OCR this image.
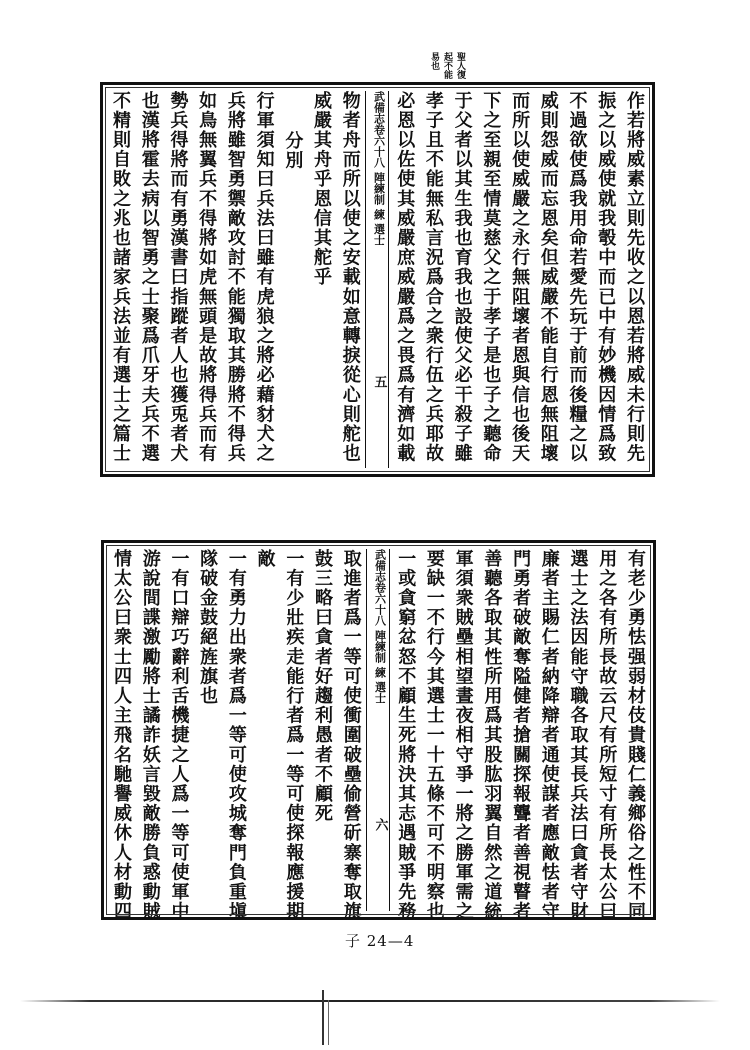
聖人復
起不能
易也
作若將威素立則先收之以恩若將威未行則先
振之以威使就我彀中而已中有妙機因情爲致
不過欲使爲我用命若愛先玩于前而後糧之以
威則怨威而忘恩矣但威嚴不能自行恩無阻壞
而所以使威嚴之永行無阻壞者恩與信也後天
下之至親至情莫慈父之于孝子是也子之聽命
于父者以其生我也育我也設使父必干殺子雖
孝子且不能無私言況爲合之衆行伍之兵耶故
必恩以佐使其威嚴庶威嚴爲之畏爲有濟如載
武備志卷六十八 陣練制 練 選士
五
物者舟而所以使之安載如意轉捩從心則舵也
威嚴其舟乎恩信其舵乎
分別
行軍須知曰兵法曰雖有虎狼之將必藉豺犬之
兵將雖智勇禦敵攻討不能獨取其勝將不得兵
如鳥無翼兵不得將如虎無頭是故將得兵而有
勢兵得將而有勇漢書曰指蹤者人也獲兎者犬
也漢將霍去病以智勇之士聚爲爪牙夫兵不選
不精則自敗之兆也諸家兵法並有選士之篇士
有老少勇怯强弱材伎貴賤仁義鄉俗之性不同
用之各有所長故云尺有所短寸有所長太公曰
選士之法因能守職各取其長兵法曰貪者守財
廉者主賜仁者納降辯者通使謀者應敵怯者守
門勇者破敵奪隘健者搶關探報聾者善視瞽者
善聽各取其性所用爲其股肱羽翼自然之道統
軍須衆賊壘相望晝夜相守爭一將之勝軍需之
要缺一不行今其選士一十五條不可不明察也
一或貪窮忿怒不顧生死將決其志遇賊爭先務
武備志卷六十八 陣練制 練 選士
六
取進者爲一等可使衝圍破壘偷營斫寨奪取旗
鼓三略曰貪者好趨利愚者不顧死
一有少壯疾走能行者爲一等可使探報應援期
敵
一有勇力出衆者爲一等可使攻城奪門負重塡
隊破金鼓絕旌旗也
一有口辯巧辭利舌機捷之人爲一等可使軍中
游說間諜激勵將士譎詐妖言毀敵勝負惑動賊
情太公曰衆士四人主飛名馳譽威休人材動四
子 24—4
